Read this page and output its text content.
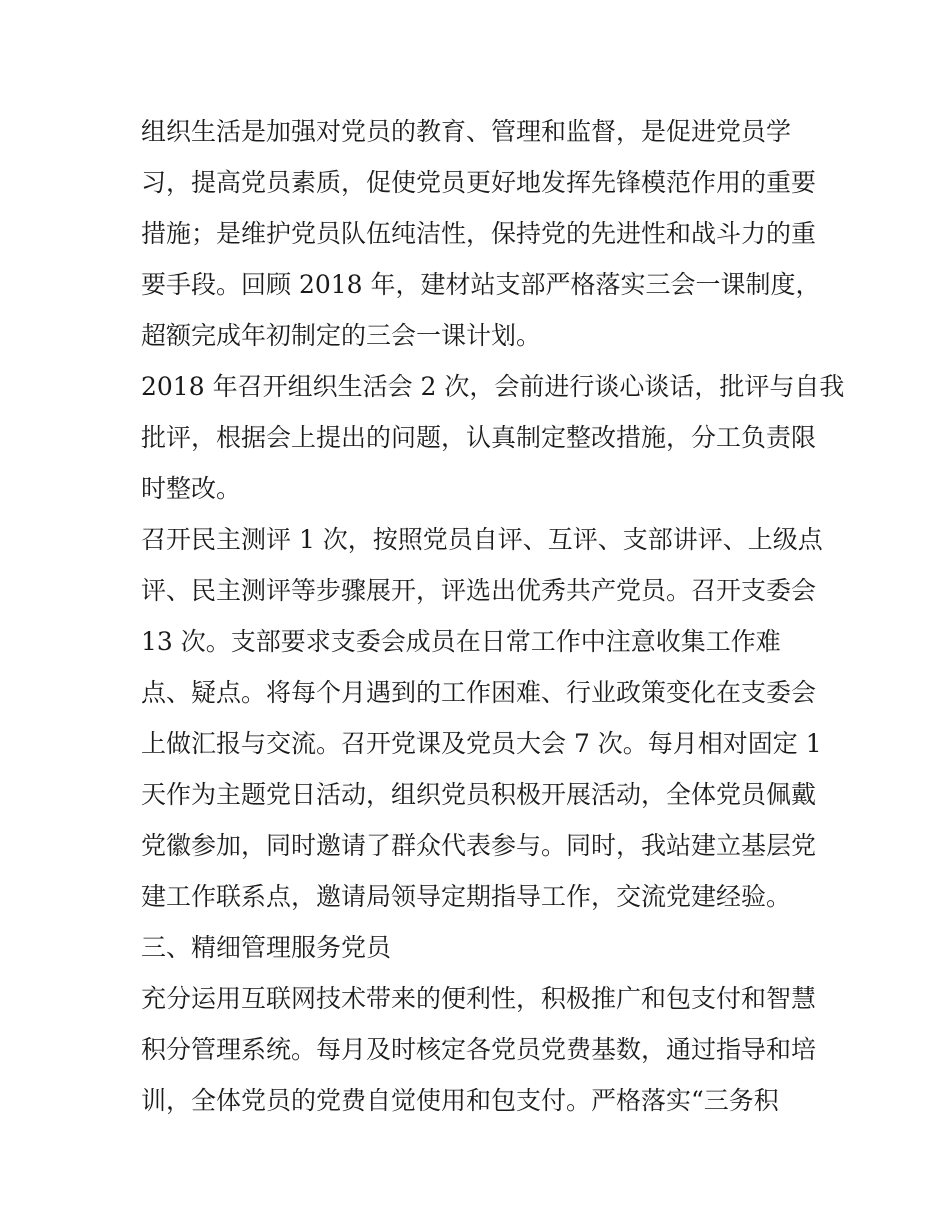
组织生活是加强对党员的教育、管理和监督，是促进党员学

习，提高党员素质，促使党员更好地发挥先锋模范作用的重要

措施；是维护党员队伍纯洁性，保持党的先进性和战斗力的重

要手段。回顾 2018 年，建材站支部严格落实三会一课制度，

超额完成年初制定的三会一课计划。

2018 年召开组织生活会 2 次，会前进行谈心谈话，批评与自我

批评，根据会上提出的问题，认真制定整改措施，分工负责限

时整改。

召开民主测评 1 次，按照党员自评、互评、支部讲评、上级点

评、民主测评等步骤展开，评选出优秀共产党员。召开支委会

13 次。支部要求支委会成员在日常工作中注意收集工作难

点、疑点。将每个月遇到的工作困难、行业政策变化在支委会

上做汇报与交流。召开党课及党员大会 7 次。每月相对固定 1

天作为主题党日活动，组织党员积极开展活动，全体党员佩戴

党徽参加，同时邀请了群众代表参与。同时，我站建立基层党

建工作联系点，邀请局领导定期指导工作，交流党建经验。

三、精细管理服务党员

充分运用互联网技术带来的便利性，积极推广和包支付和智慧

积分管理系统。每月及时核定各党员党费基数，通过指导和培

训，全体党员的党费自觉使用和包支付。严格落实“三务积
